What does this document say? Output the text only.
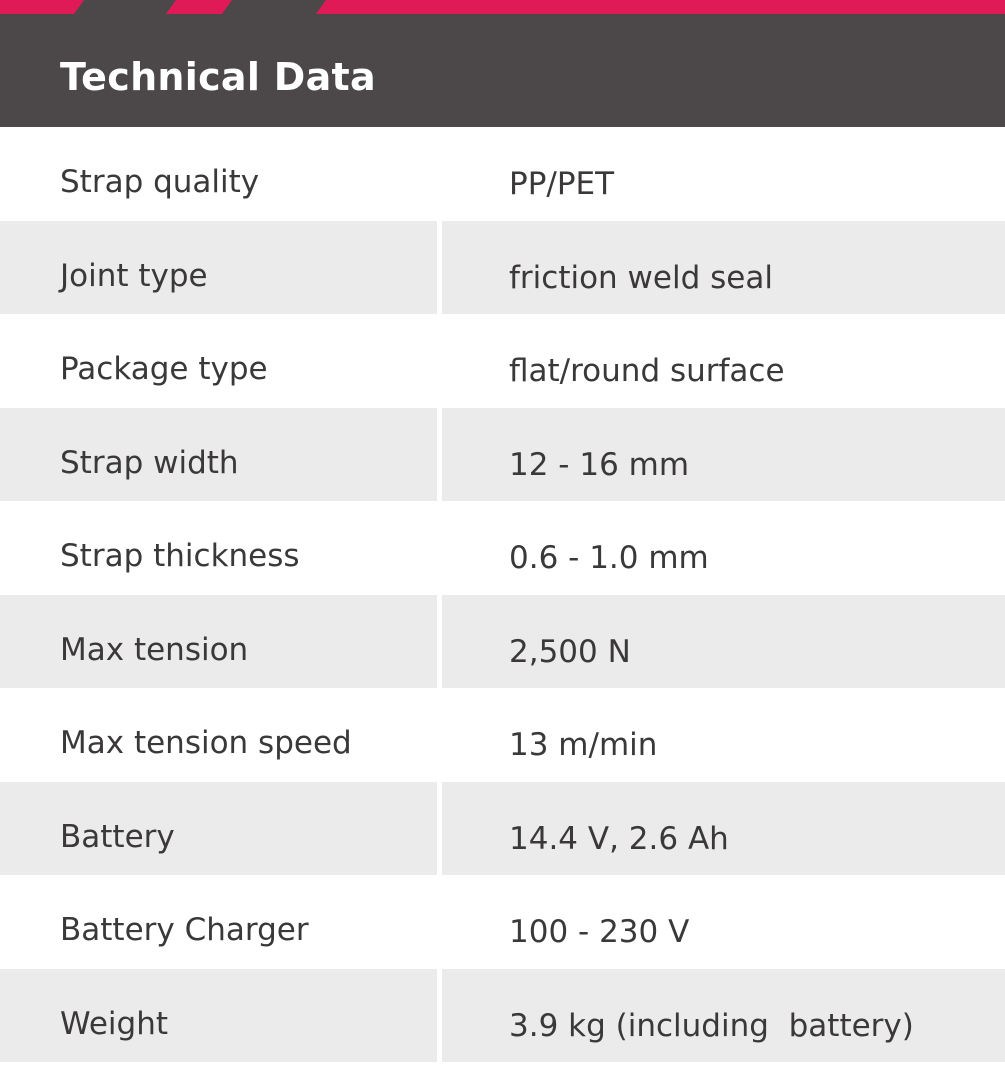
Technical Data
Strap quality	PP/PET
Joint type	friction weld seal
Package type	flat/round surface
Strap width	12 - 16 mm
Strap thickness	0.6 - 1.0 mm
Max tension	2,500 N
Max tension speed	13 m/min
Battery	14.4 V, 2.6 Ah
Battery Charger	100 - 230 V
Weight	3.9 kg (including  battery)
